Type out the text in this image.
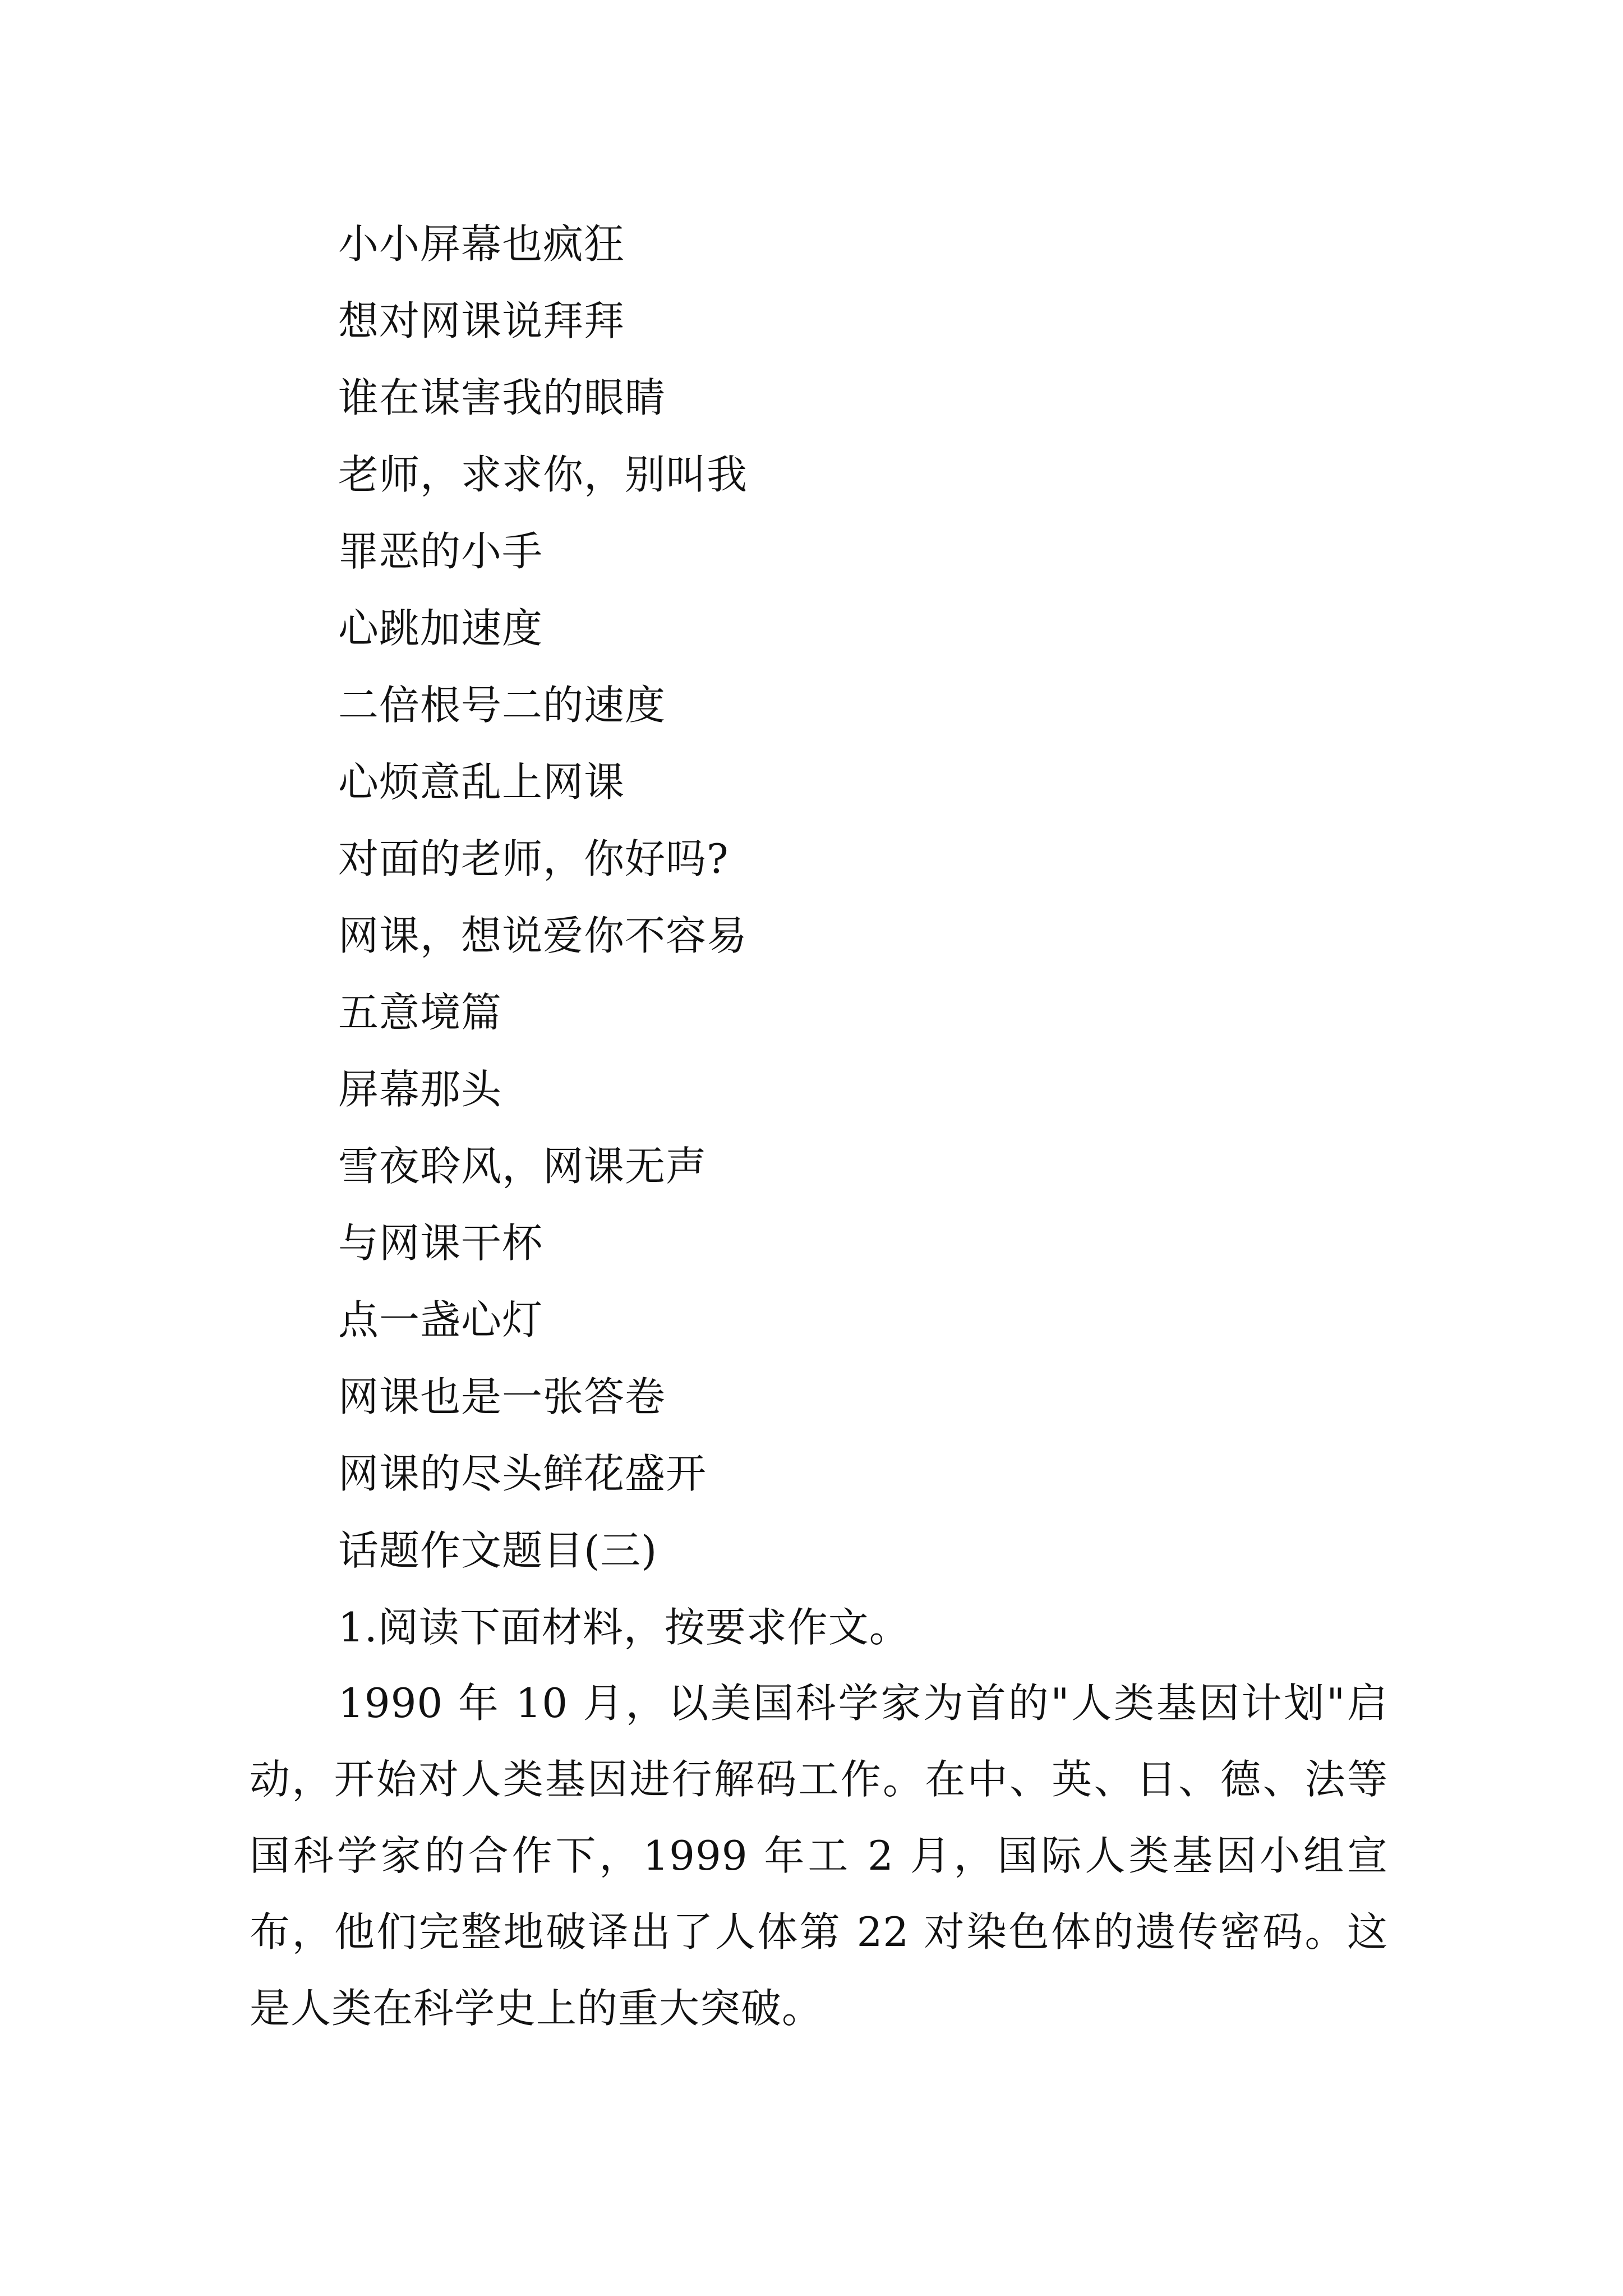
小小屏幕也疯狂
想对网课说拜拜
谁在谋害我的眼睛
老师，求求你，别叫我
罪恶的小手
心跳加速度
二倍根号二的速度
心烦意乱上网课
对面的老师，你好吗?
网课，想说爱你不容易
五意境篇
屏幕那头
雪夜聆风，网课无声
与网课干杯
点一盏心灯
网课也是一张答卷
网课的尽头鲜花盛开
话题作文题目(三)
1.阅读下面材料，按要求作文。
1990 年 10 月，以美国科学家为首的"人类基因计划"启动，开始对人类基因进行解码工作。在中、英、日、德、法等国科学家的合作下，1999 年工 2 月，国际人类基因小组宣布，他们完整地破译出了人体第 22 对染色体的遗传密码。这是人类在科学史上的重大突破。
